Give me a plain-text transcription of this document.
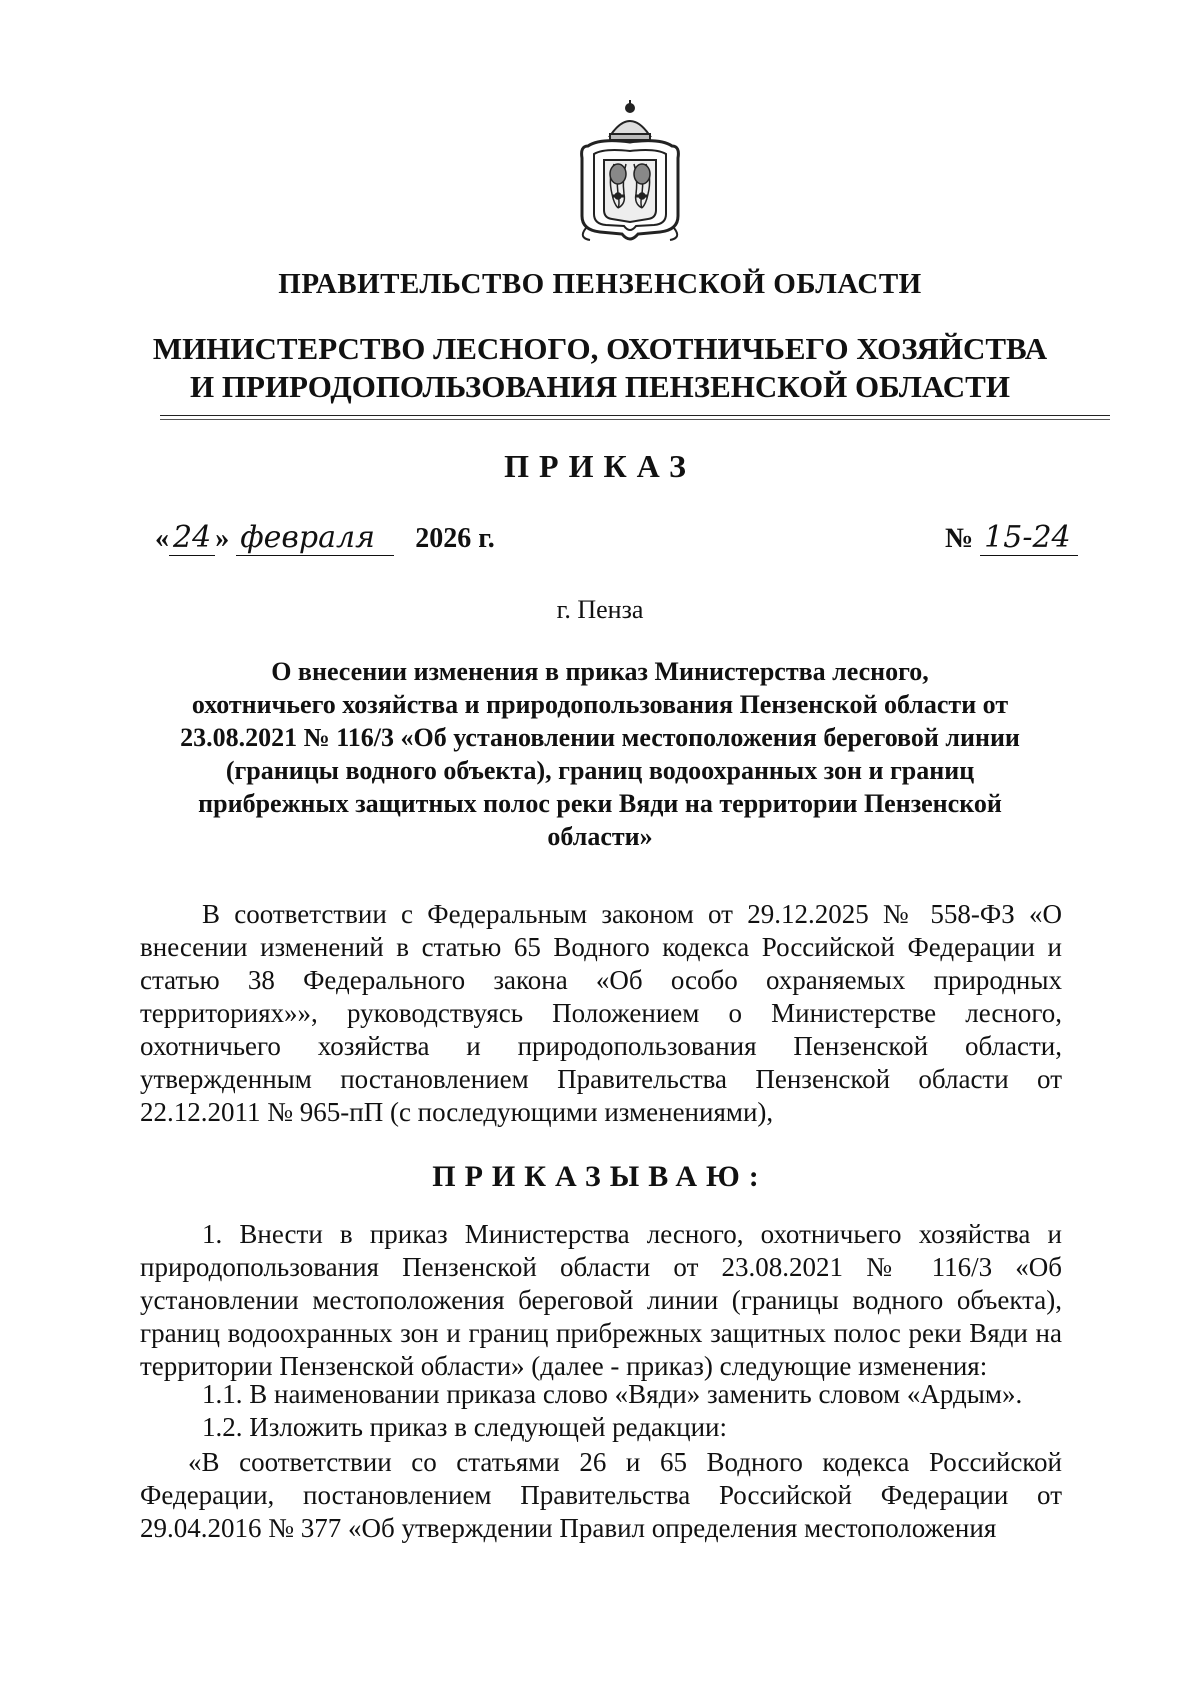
ПРАВИТЕЛЬСТВО ПЕНЗЕНСКОЙ ОБЛАСТИ
МИНИСТЕРСТВО ЛЕСНОГО, ОХОТНИЧЬЕГО ХОЗЯЙСТВА
И ПРИРОДОПОЛЬЗОВАНИЯ ПЕНЗЕНСКОЙ ОБЛАСТИ
ПРИКАЗ
« 24 » февраля 2026 г.	№ 15-24
г. Пенза
О внесении изменения в приказ Министерства лесного,
охотничьего хозяйства и природопользования Пензенской области от
23.08.2021 № 116/3 «Об установлении местоположения береговой линии
(границы водного объекта), границ водоохранных зон и границ
прибрежных защитных полос реки Вяди на территории Пензенской
области»
В соответствии с Федеральным законом от 29.12.2025 № 558-ФЗ «О внесении изменений в статью 65 Водного кодекса Российской Федерации и статью 38 Федерального закона «Об особо охраняемых природных территориях»», руководствуясь Положением о Министерстве лесного, охотничьего хозяйства и природопользования Пензенской области, утвержденным постановлением Правительства Пензенской области от 22.12.2011 № 965-пП (с последующими изменениями),
ПРИКАЗЫВАЮ:
1. Внести в приказ Министерства лесного, охотничьего хозяйства и природопользования Пензенской области от 23.08.2021 № 116/3 «Об установлении местоположения береговой линии (границы водного объекта), границ водоохранных зон и границ прибрежных защитных полос реки Вяди на территории Пензенской области» (далее - приказ) следующие изменения:
1.1. В наименовании приказа слово «Вяди» заменить словом «Ардым».
1.2. Изложить приказ в следующей редакции:
«В соответствии со статьями 26 и 65 Водного кодекса Российской Федерации, постановлением Правительства Российской Федерации от 29.04.2016 № 377 «Об утверждении Правил определения местоположения
